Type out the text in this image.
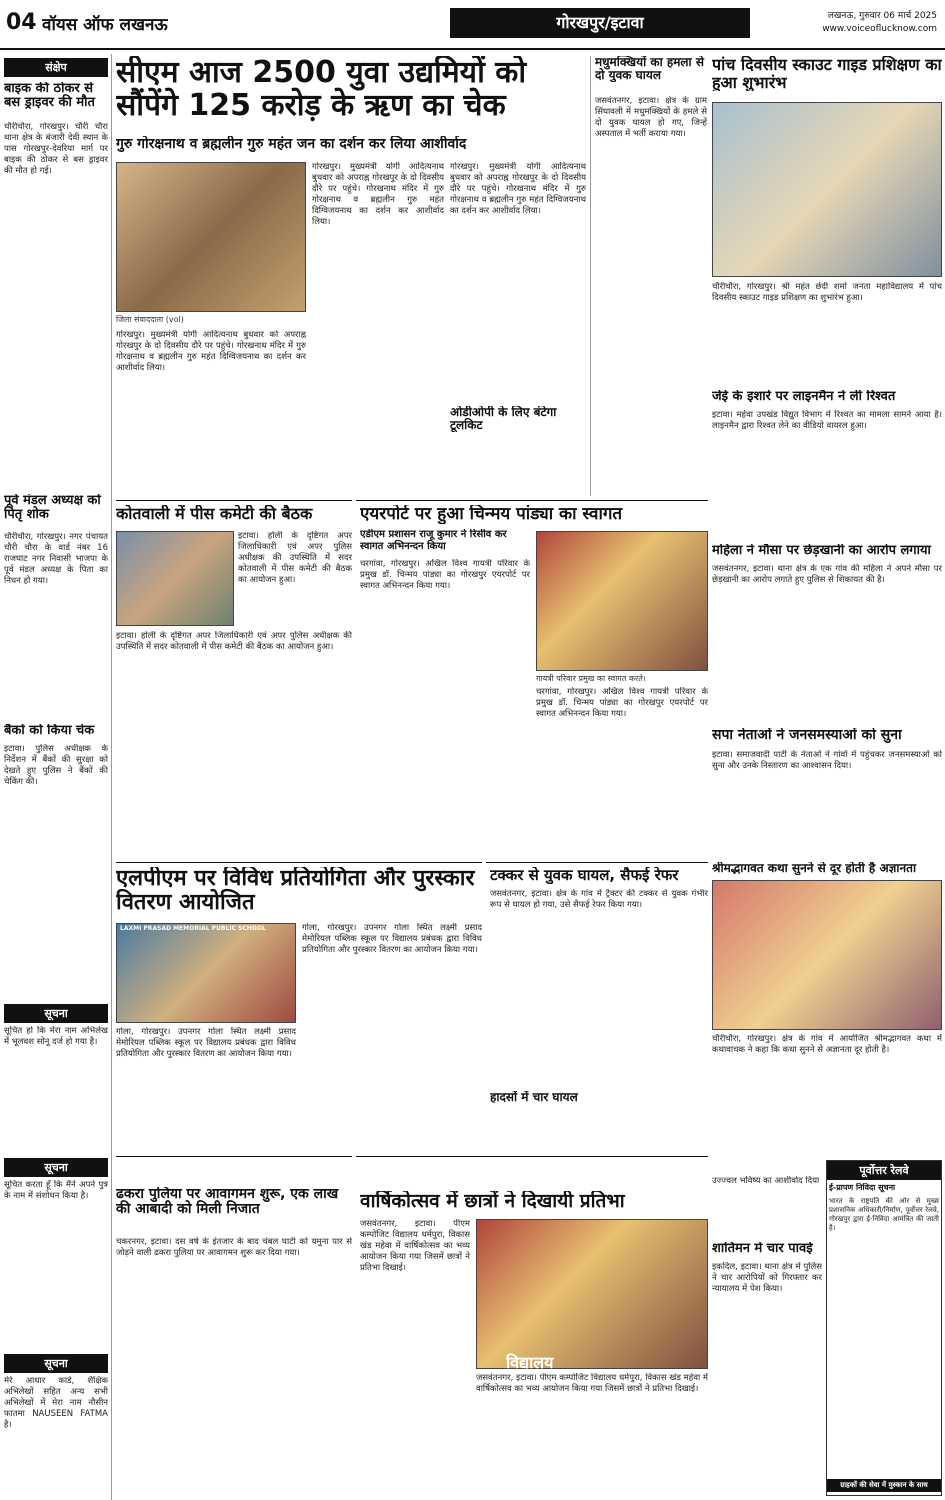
04 वॉयस ऑफ लखनऊ	गोरखपुर/इटावा	लखनऊ, गुरुवार 06 मार्च 2025
www.voiceoflucknow.com
संक्षेप
बाइक की ठोकर से बस ड्राइवर की मौत
चौरीचौरा, गोरखपुर। चौरी चौरा थाना क्षेत्र के बंजारी देवी स्थान के पास गोरखपुर-देवरिया मार्ग पर बाइक की ठोकर से बस ड्राइवर की मौत हो गई।
पूर्व मंडल अध्यक्ष को पितृ शोक
चौरीचौरा, गोरखपुर। नगर पंचायत चौरी चौरा के वार्ड नंबर 16 राजघाट नगर निवासी भाजपा के पूर्व मंडल अध्यक्ष के पिता का निधन हो गया।
बैंकों को किया चेक
इटावा। पुलिस अधीक्षक के निर्देशन में बैंकों की सुरक्षा को देखते हुए पुलिस ने बैंकों की चेकिंग की।
सूचना
सूचित हो कि मेरा नाम अभिलेख में भूलवश सोनू दर्ज हो गया है।
सूचना
सूचित करता हूँ कि मैंने अपने पुत्र के नाम में संशोधन किया है।
सूचना
मेरे आधार कार्ड, शैक्षिक अभिलेखों सहित अन्य सभी अभिलेखों में मेरा नाम नौसीन फातमा NAUSEEN FATMA है।
सीएम आज 2500 युवा उद्यमियों को सौंपेंगे 125 करोड़ के ऋण का चेक
गुरु गोरक्षनाथ व ब्रह्मलीन गुरु महंत जन का दर्शन कर लिया आशीर्वाद
जिला संवाददाता (vol)
गोरखपुर। मुख्यमंत्री योगी आदित्यनाथ बुधवार को अपराह्न गोरखपुर के दो दिवसीय दौरे पर पहुंचे। गोरखनाथ मंदिर में गुरु गोरक्षनाथ व ब्रह्मलीन गुरु महंत दिग्विजयनाथ का दर्शन कर आशीर्वाद लिया।
गोरखपुर। मुख्यमंत्री योगी आदित्यनाथ बुधवार को अपराह्न गोरखपुर के दो दिवसीय दौरे पर पहुंचे। गोरखनाथ मंदिर में गुरु गोरक्षनाथ व ब्रह्मलीन गुरु महंत दिग्विजयनाथ का दर्शन कर आशीर्वाद लिया।
गोरखपुर। मुख्यमंत्री योगी आदित्यनाथ बुधवार को अपराह्न गोरखपुर के दो दिवसीय दौरे पर पहुंचे। गोरखनाथ मंदिर में गुरु गोरक्षनाथ व ब्रह्मलीन गुरु महंत दिग्विजयनाथ का दर्शन कर आशीर्वाद लिया।
ओडीओपी के लिए बंटेगा टूलकिट
मधुमक्खियों का हमला से दो युवक घायल
जसवंतनगर, इटावा। क्षेत्र के ग्राम सिंघावली में मधुमक्खियों के हमले से दो युवक घायल हो गए, जिन्हें अस्पताल में भर्ती कराया गया।
पांच दिवसीय स्काउट गाइड प्रशिक्षण का हुआ शुभारंभ
चौरीचौरा, गोरखपुर। श्री महंत छेदी शर्मा जनता महाविद्यालय में पांच दिवसीय स्काउट गाइड प्रशिक्षण का शुभारंभ हुआ।
जेई के इशारे पर लाइनमैन ने ली रिश्वत
इटावा। महेवा उपखंड विद्युत विभाग में रिश्वत का मामला सामने आया है। लाइनमैन द्वारा रिश्वत लेने का वीडियो वायरल हुआ।
कोतवाली में पीस कमेटी की बैठक
इटावा। होली के दृष्टिगत अपर जिलाधिकारी एवं अपर पुलिस अधीक्षक की उपस्थिति में सदर कोतवाली में पीस कमेटी की बैठक का आयोजन हुआ।
इटावा। होली के दृष्टिगत अपर जिलाधिकारी एवं अपर पुलिस अधीक्षक की उपस्थिति में सदर कोतवाली में पीस कमेटी की बैठक का आयोजन हुआ।
एयरपोर्ट पर हुआ चिन्मय पांड्या का स्वागत
एडीएम प्रशासन राजू कुमार ने रिसीव कर स्वागत अभिनन्दन किया
चरगांवा, गोरखपुर। अखिल विश्व गायत्री परिवार के प्रमुख डॉ. चिन्मय पांड्या का गोरखपुर एयरपोर्ट पर स्वागत अभिनन्दन किया गया।
गायत्री परिवार प्रमुख का स्वागत करते।
चरगांवा, गोरखपुर। अखिल विश्व गायत्री परिवार के प्रमुख डॉ. चिन्मय पांड्या का गोरखपुर एयरपोर्ट पर स्वागत अभिनन्दन किया गया।
महिला ने मौसा पर छेड़खानी का आरोप लगाया
जसवंतनगर, इटावा। थाना क्षेत्र के एक गांव की महिला ने अपने मौसा पर छेड़खानी का आरोप लगाते हुए पुलिस से शिकायत की है।
सपा नेताओं ने जनसमस्याओं को सुना
इटावा। समाजवादी पार्टी के नेताओं ने गांवों में पहुंचकर जनसमस्याओं को सुना और उनके निस्तारण का आश्वासन दिया।
एलपीएम पर विविध प्रतियोगिता और पुरस्कार वितरण आयोजित
LAXMI PRASAD MEMORIAL PUBLIC SCHOOL
गोला, गोरखपुर। उपनगर गोला स्थित लक्ष्मी प्रसाद मेमोरियल पब्लिक स्कूल पर विद्यालय प्रबंधक द्वारा विविध प्रतियोगिता और पुरस्कार वितरण का आयोजन किया गया।
गोला, गोरखपुर। उपनगर गोला स्थित लक्ष्मी प्रसाद मेमोरियल पब्लिक स्कूल पर विद्यालय प्रबंधक द्वारा विविध प्रतियोगिता और पुरस्कार वितरण का आयोजन किया गया।
टक्कर से युवक घायल, सैफई रेफर
जसवंतनगर, इटावा। क्षेत्र के गांव में ट्रैक्टर की टक्कर से युवक गंभीर रूप से घायल हो गया, उसे सैफई रेफर किया गया।
हादसों में चार घायल
श्रीमद्भागवत कथा सुनने से दूर होती है अज्ञानता
चौरीचौरा, गोरखपुर। क्षेत्र के गांव में आयोजित श्रीमद्भागवत कथा में कथावाचक ने कहा कि कथा सुनने से अज्ञानता दूर होती है।
ढकरा पुलिया पर आवागमन शुरू, एक लाख की आबादी को मिली निजात
चकरनगर, इटावा। दस वर्ष के इंतजार के बाद चंबल घाटी को यमुना पार से जोड़ने वाली ढकरा पुलिया पर आवागमन शुरू कर दिया गया।
वार्षिकोत्सव में छात्रों ने दिखायी प्रतिभा
जसवंतनगर, इटावा। पीएम कम्पोजिट विद्यालय धर्मपुरा, विकास खंड महेवा में वार्षिकोत्सव का भव्य आयोजन किया गया जिसमें छात्रों ने प्रतिभा दिखाई।
विद्यालय
जसवंतनगर, इटावा। पीएम कम्पोजिट विद्यालय धर्मपुरा, विकास खंड महेवा में वार्षिकोत्सव का भव्य आयोजन किया गया जिसमें छात्रों ने प्रतिभा दिखाई।
उज्ज्वल भविष्य का आशीर्वाद दिया
शातिमन में चार पावई
इकदिल, इटावा। थाना क्षेत्र में पुलिस ने चार आरोपियों को गिरफ्तार कर न्यायालय में पेश किया।
पूर्वोत्तर रेलवे
ई-प्रापण निविदा सूचना
भारत के राष्ट्रपति की ओर से मुख्य प्रशासनिक अधिकारी/निर्माण, पूर्वोत्तर रेलवे, गोरखपुर द्वारा ई-निविदा आमंत्रित की जाती है।
ग्राहकों की सेवा में मुस्कान के साथ
